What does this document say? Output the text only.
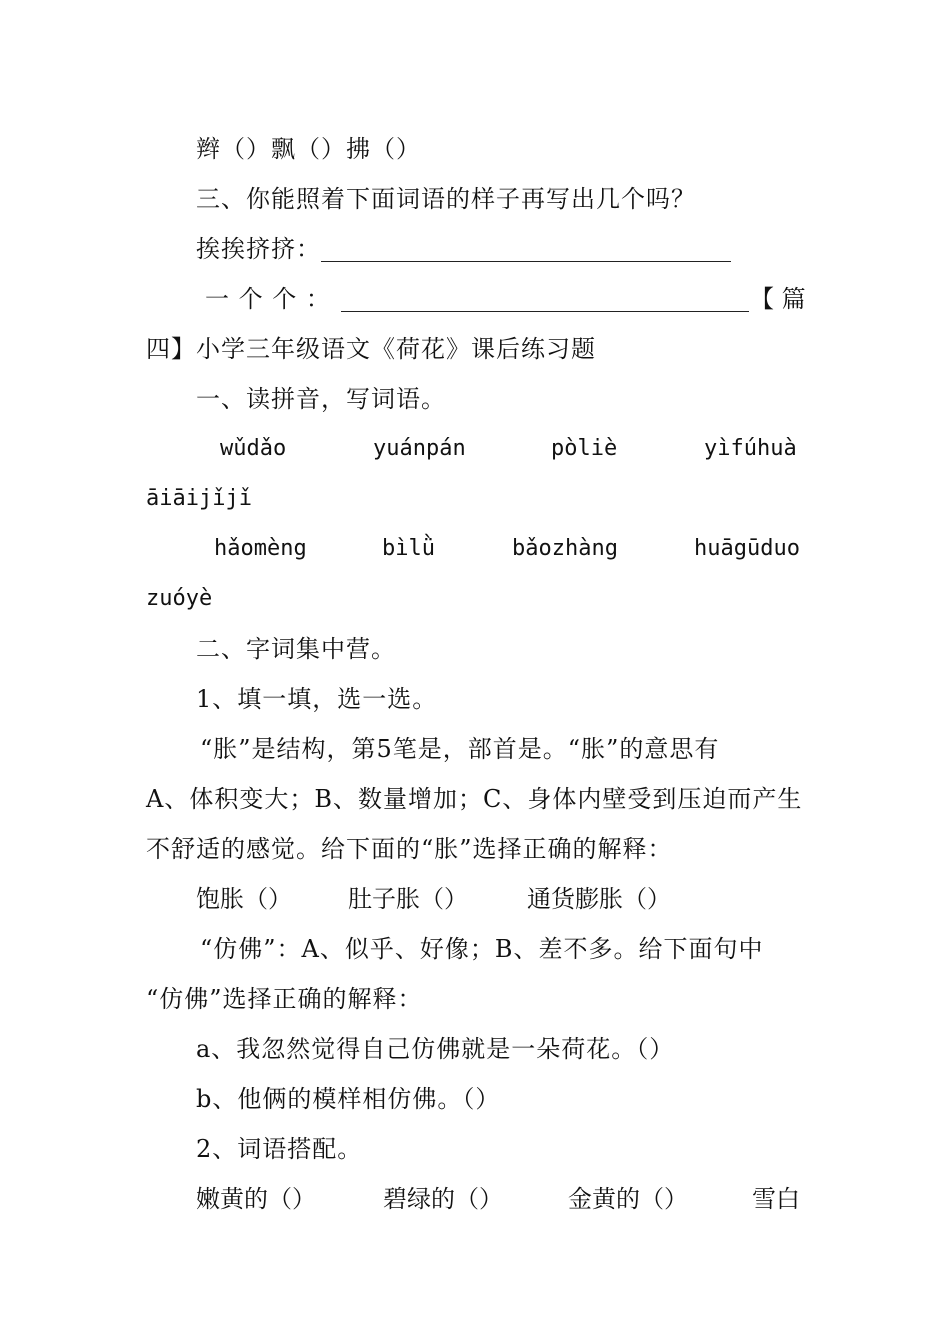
辫（）飘（）拂（）
三、你能照着下面词语的样子再写出几个吗？
挨挨挤挤：
一 个 个 ：	【 篇
四】小学三年级语文《荷花》课后练习题
一、读拼音，写词语。
wǔdǎo	yuánpán	pòliè	yìfúhuà
āiāijǐjǐ
hǎomèng	bìlǜ	bǎozhàng	huāgūduo
zuóyè
二、字词集中营。
1、填一填，选一选。
“胀”是结构，第5笔是，部首是。“胀”的意思有
A、体积变大；B、数量增加；C、身体内壁受到压迫而产生
不舒适的感觉。给下面的“胀”选择正确的解释：
饱胀（） 肚子胀（） 通货膨胀（）
“仿佛”：A、似乎、好像；B、差不多。给下面句中
“仿佛”选择正确的解释：
a、我忽然觉得自己仿佛就是一朵荷花。（）
b、他俩的模样相仿佛。（）
2、词语搭配。
嫩黄的（）	碧绿的（）	金黄的（）	雪白
